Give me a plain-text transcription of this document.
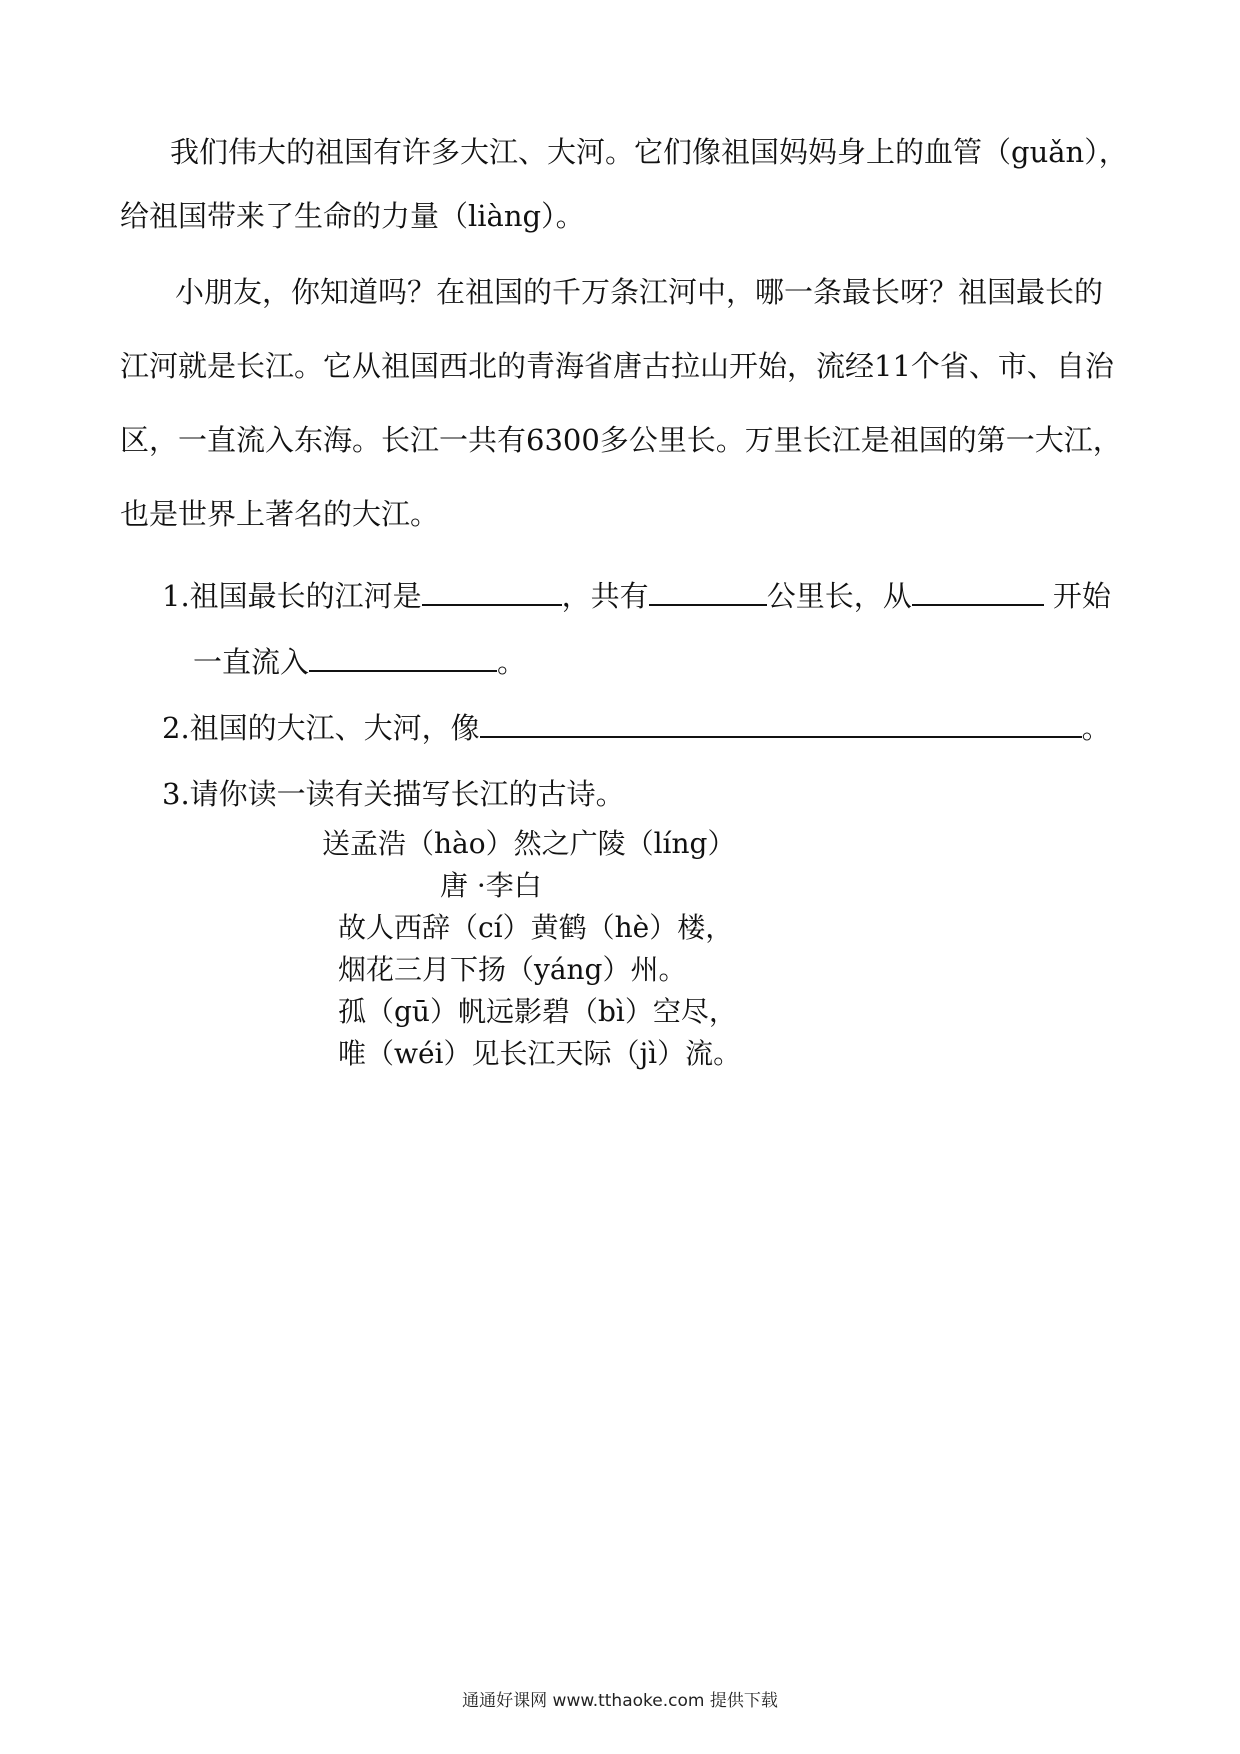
我们伟大的祖国有许多大江、大河。它们像祖国妈妈身上的血管（guǎn），
给祖国带来了生命的力量（liàng）。
小朋友，你知道吗？在祖国的千万条江河中，哪一条最长呀？祖国最长的
江河就是长江。它从祖国西北的青海省唐古拉山开始，流经11个省、市、自治
区，一直流入东海。长江一共有6300多公里长。万里长江是祖国的第一大江，
也是世界上著名的大江。
1.祖国最长的江河是	，共有	公里长，从	开始
一直流入	。
2.祖国的大江、大河，像	。
3.请你读一读有关描写长江的古诗。
送孟浩（hào）然之广陵（líng）
唐 ·李白
故人西辞（cí）黄鹤（hè）楼，
烟花三月下扬（yáng）州。
孤（gū）帆远影碧（bì）空尽，
唯（wéi）见长江天际（jì）流。
通通好课网 www.tthaoke.com 提供下载
